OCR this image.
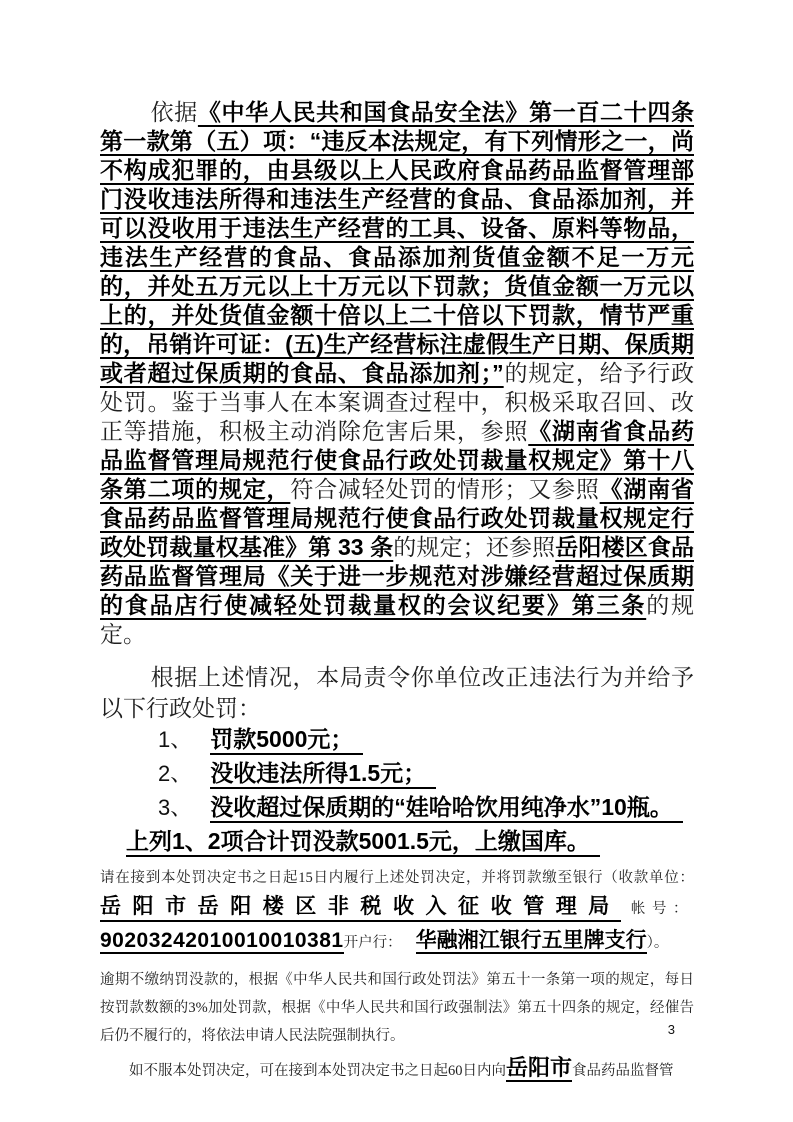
依据《中华人民共和国食品安全法》第一百二十四条第一款第（五）项：“违反本法规定，有下列情形之一，尚不构成犯罪的，由县级以上人民政府食品药品监督管理部门没收违法所得和违法生产经营的食品、食品添加剂，并可以没收用于违法生产经营的工具、设备、原料等物品，违法生产经营的食品、食品添加剂货值金额不足一万元的，并处五万元以上十万元以下罚款；货值金额一万元以上的，并处货值金额十倍以上二十倍以下罚款，情节严重的，吊销许可证：(五)生产经营标注虚假生产日期、保质期或者超过保质期的食品、食品添加剂；”的规定，给予行政处罚。鉴于当事人在本案调查过程中，积极采取召回、改正等措施，积极主动消除危害后果，参照《湖南省食品药品监督管理局规范行使食品行政处罚裁量权规定》第十八条第二项的规定，符合减轻处罚的情形；又参照《湖南省食品药品监督管理局规范行使食品行政处罚裁量权规定行政处罚裁量权基准》第 33 条的规定；还参照岳阳楼区食品药品监督管理局《关于进一步规范对涉嫌经营超过保质期的食品店行使减轻处罚裁量权的会议纪要》第三条的规定。

根据上述情况，本局责令你单位改正违法行为并给予以下行政处罚：

1、 罚款5000元；
2、 没收违法所得1.5元；
3、 没收超过保质期的“娃哈哈饮用纯净水”10瓶。
上列1、2项合计罚没款5001.5元，上缴国库。
请在接到本处罚决定书之日起15日内履行上述处罚决定，并将罚款缴至银行（收款单位：
岳阳市岳阳楼区非税收入征收管理局 帐号：
90203242010010010381开户行： 华融湘江银行五里牌支行）。

逾期不缴纳罚没款的，根据《中华人民共和国行政处罚法》第五十一条第一项的规定，每日按罚款数额的3%加处罚款，根据《中华人民共和国行政强制法》第五十四条的规定，经催告后仍不履行的，将依法申请人民法院强制执行。

如不服本处罚决定，可在接到本处罚决定书之日起60日内向岳阳市食品药品监督管

3
